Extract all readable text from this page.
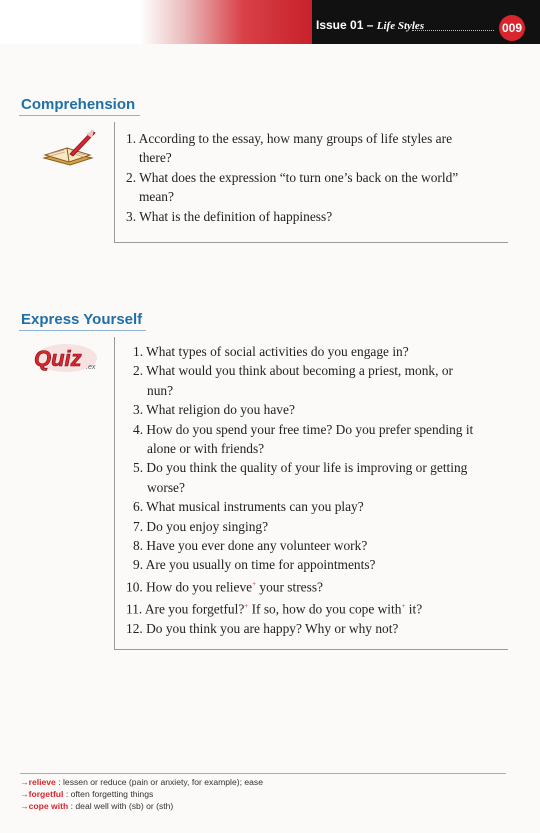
Issue 01 – Life Styles	009
Comprehension
1. According to the essay, how many groups of life styles are
there?
2. What does the expression “to turn one’s back on the world”
mean?
3. What is the definition of happiness?
Express Yourself
Quiz .ex
1. What types of social activities do you engage in?
2. What would you think about becoming a priest, monk, or
nun?
3. What religion do you have?
4. How do you spend your free time? Do you prefer spending it
alone or with friends?
5. Do you think the quality of your life is improving or getting
worse?
6. What musical instruments can you play?
7. Do you enjoy singing?
8. Have you ever done any volunteer work?
9. Are you usually on time for appointments?
10. How do you relieve+ your stress?
11. Are you forgetful?+ If so, how do you cope with+ it?
12. Do you think you are happy? Why or why not?
→relieve : lessen or reduce (pain or anxiety, for example); ease
→forgetful : often forgetting things
→cope with : deal well with (sb) or (sth)
